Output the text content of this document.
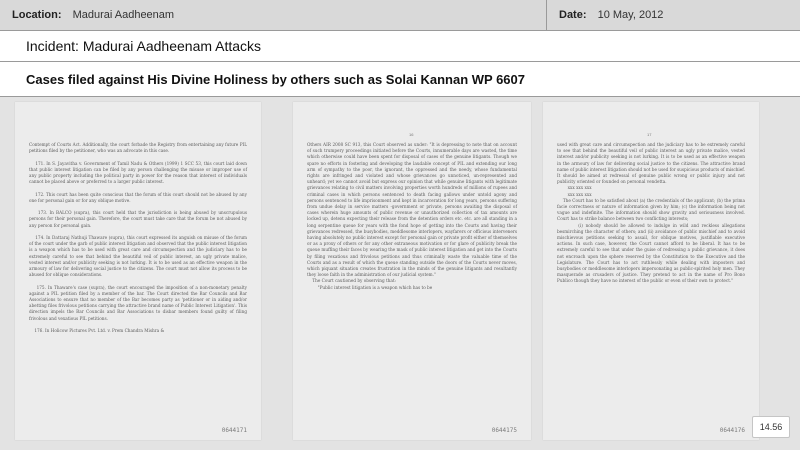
Location: Madurai Aadheenam	Date: 10 May, 2012
Incident: Madurai Aadheenam Attacks
Cases filed against His Divine Holiness by others such as Solai Kannan WP 6607
Contempt of Courts Act. Additionally, the court forbade the Registry from entertaining any future PIL petitions filed by the petitioner, who was an advocate in this case.

171. In S. Jayavitha v. Government of Tamil Nadu & Others (1999) 1 SCC 53, this court laid down that public interest litigation can be filed by any person challenging the misuse or improper use of any public property including the political party in power for the reason that interest of individuals cannot be placed above or preferred to a larger public interest.

172. This court has been quite conscious that the forum of this court should not be abused by any one for personal gain or for any oblique motive.

173. In BALCO (supra), this court held that the jurisdiction is being abused by unscrupulous persons for their personal gain. Therefore, the court must take care that the forum be not abused by any person for personal gain.

174. In Dattaraj Nathuji Thaware (supra), this court expressed its anguish on misuse of the forum of the court under the garb of public interest litigation and observed that the public interest litigation is a weapon which has to be used with great care and circumspection and the judiciary has to be extremely careful to see that behind the beautiful veil of public interest, an ugly private malice, vested interest and/or publicity seeking is not lurking. It is to be used as an effective weapon in the armoury of law for delivering social justice to the citizens. The court must not allow its process to be abused for oblique considerations.

175. In Thaware's case (supra), the court encouraged the imposition of a non-monetary penalty against a PIL petition filed by a member of the bar. The Court directed the Bar Councils and Bar Associations to ensure that no member of the Bar becomes party as 'petitioner or in aiding and/or abetting files frivolous petitions carrying the attractive brand name of Public Interest Litigation'. This direction impels the Bar Councils and Bar Associations to disbar members found guilty of filing frivolous and vexatious PIL petitions.

176. In Holicow Pictures Pvt. Ltd. v. Prem Chandra Mishra &
0644171
16
Others AIR 2008 SC 913, this Court observed as under: "It is depressing to note that on account of such trumpery proceedings initiated before the Courts, innumerable days are wasted, the time which otherwise could have been spent for disposal of cases of the genuine litigants. Though we spare no efforts in fostering and developing the laudable concept of PIL and extending our long arm of sympathy to the poor, the ignorant, the oppressed and the needy, whose fundamental rights are infringed and violated and whose grievances go unnoticed, un-represented and unheard; yet we cannot avoid but express our opinion that while genuine litigants with legitimate grievances relating to civil matters involving properties worth hundreds of millions of rupees and criminal cases in which persons sentenced to death facing gallows under untold agony and persons sentenced to life imprisonment and kept in incarceration for long years, persons suffering from undue delay in service matters -government or private, persons awaiting the disposal of cases wherein huge amounts of public revenue or unauthorized collection of tax amounts are locked up, detenu expecting their release from the detention orders etc. etc. are all standing in a long serpentine queue for years with the fond hope of getting into the Courts and having their grievances redressed, the busybodies, meddlesome interlopers, wayfarers or officious interveners having absolutely no public interest except for personal gain or private profit either of themselves or as a proxy of others or for any other extraneous motivation or for glare of publicity break the queue muffing their faces by wearing the mask of public interest litigation and get into the Courts by filing vexatious and frivolous petitions and thus criminally waste the valuable time of the Courts and as a result of which the queue standing outside the doors of the Courts never moves, which piquant situation creates frustration in the minds of the genuine litigants and resultantly they loose faith in the administration of our judicial system."
The Court cautioned by observing that:
"Public interest litigation is a weapon which has to be
0644175
17
used with great care and circumspection and the judiciary has to be extremely careful to see that behind the beautiful veil of public interest an ugly private malice, vested interest and/or publicity seeking is not lurking. It is to be used as an effective weapon in the armoury of law for delivering social justice to the citizens. The attractive brand name of public interest litigation should not be used for suspicious products of mischief. It should be aimed at redressal of genuine public wrong or public injury and not publicity oriented or founded on personal vendetta.
xxx xxx xxx
xxx xxx xxx
The Court has to be satisfied about (a) the credentials of the applicant; (b) the prima facie correctness or nature of information given by him; (c) the information being not vague and indefinite. The information should show gravity and seriousness involved. Court has to strike balance between two conflicting interests;
(i) nobody should be allowed to indulge in wild and reckless allegations besmirching the character of others; and (ii) avoidance of public mischief and to avoid mischievous petitions seeking to assail, for oblique motives, justifiable executive actions. In such case, however, the Court cannot afford to be liberal. It has to be extremely careful to see that under the guise of redressing a public grievance, it does not encroach upon the sphere reserved by the Constitution to the Executive and the Legislature. The Court has to act ruthlessly while dealing with imposters and busybodies or meddlesome interlopers impersonating as public-spirited holy men. They masquerade as crusaders of justice. They pretend to act in the name of Pro Bono Publico though they have no interest of the public or even of their own to protect."
0644176	14.56
